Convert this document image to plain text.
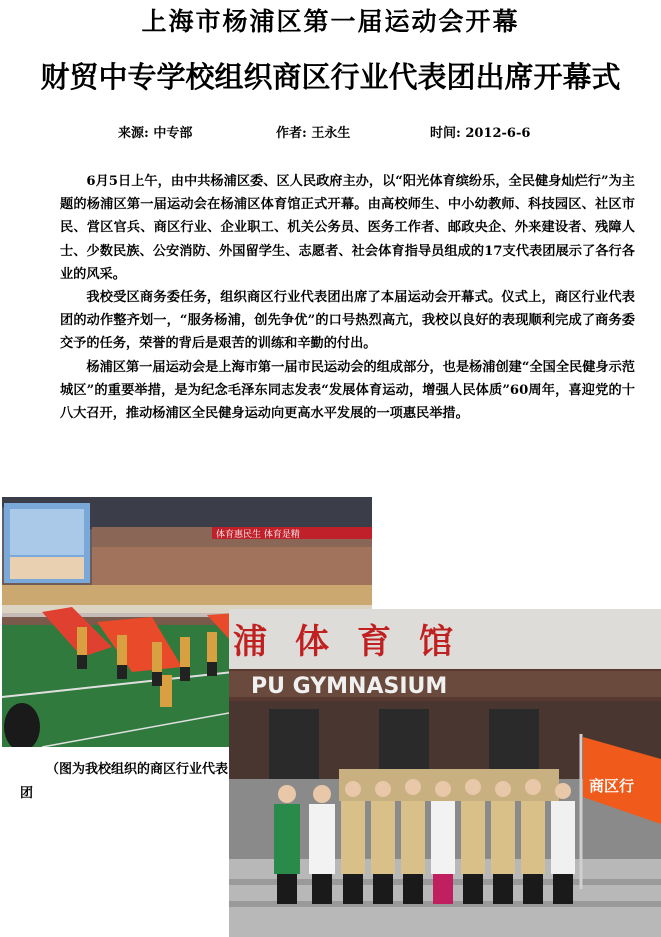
上海市杨浦区第一届运动会开幕
财贸中专学校组织商区行业代表团出席开幕式
来源: 中专部	作者: 王永生	时间: 2012-6-6

6月5日上午，由中共杨浦区委、区人民政府主办，以“阳光体育缤纷乐，全民健身灿烂行”为主题的杨浦区第一届运动会在杨浦区体育馆正式开幕。由高校师生、中小幼教师、科技园区、社区市民、営区官兵、商区行业、企业职工、机关公务员、医务工作者、邮政央企、外来建设者、残障人士、少数民族、公安消防、外国留学生、志愿者、社会体育指导员组成的17支代表团展示了各行各业的风采。

我校受区商务委任务，组织商区行业代表团出席了本届运动会开幕式。仪式上，商区行业代表团的动作整齐划一，“服务杨浦，创先争优”的口号热烈高亢，我校以良好的表现顺利完成了商务委交予的任务，荣誉的背后是艰苦的训练和辛勤的付出。

杨浦区第一届运动会是上海市第一届市民运动会的组成部分，也是杨浦创建“全国全民健身示范城区”的重要举措，是为纪念毛泽东同志发表“发展体育运动，增强人民体质”60周年，喜迎党的十八大召开，推动杨浦区全民健身运动向更高水平发展的一项惠民举措。

体育惠民生 体育是精
浦体育馆
PU GYMNASIUM
商区行

（图为我校组织的商区行业代表团
